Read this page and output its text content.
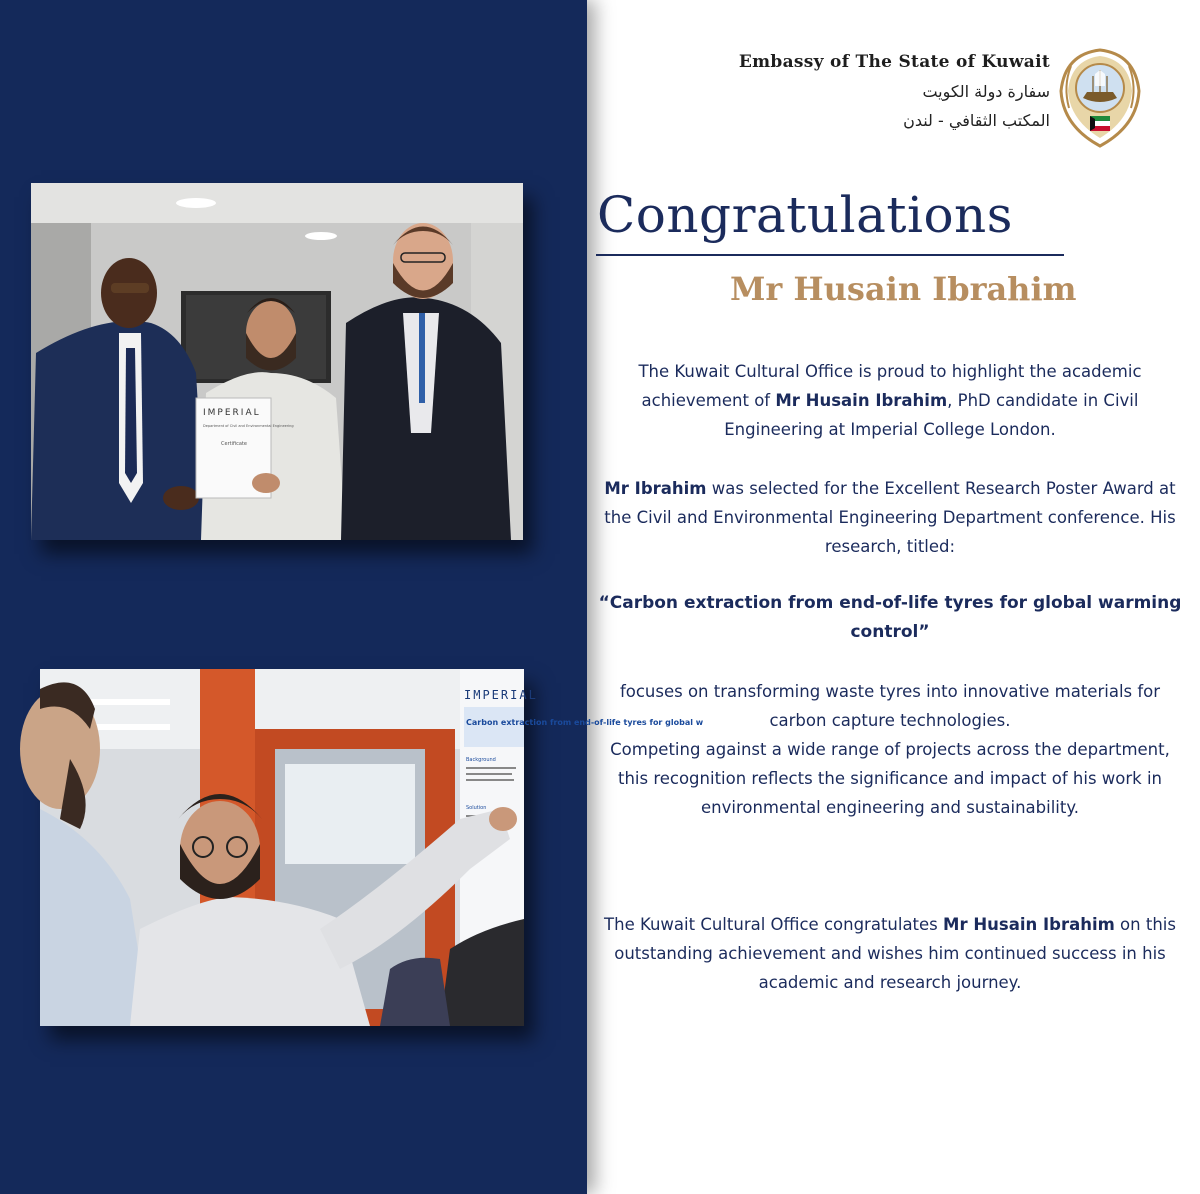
IMPERIAL
Department of Civil and Environmental Engineering
Certificate
IMPERIAL
Carbon extraction from end-of-life tyres for global w
Background
Solution
Embassy of The State of Kuwait
سفارة دولة الكويت
المكتب الثقافي - لندن
Congratulations
Mr Husain Ibrahim
The Kuwait Cultural Office is proud to highlight the academic achievement of Mr Husain Ibrahim, PhD candidate in Civil Engineering at Imperial College London.
Mr Ibrahim was selected for the Excellent Research Poster Award at the Civil and Environmental Engineering Department conference. His research, titled:
“Carbon extraction from end-of-life tyres for global warming control”
focuses on transforming waste tyres into innovative materials for carbon capture technologies.
Competing against a wide range of projects across the department, this recognition reflects the significance and impact of his work in environmental engineering and sustainability.
The Kuwait Cultural Office congratulates Mr Husain Ibrahim on this outstanding achievement and wishes him continued success in his academic and research journey.
